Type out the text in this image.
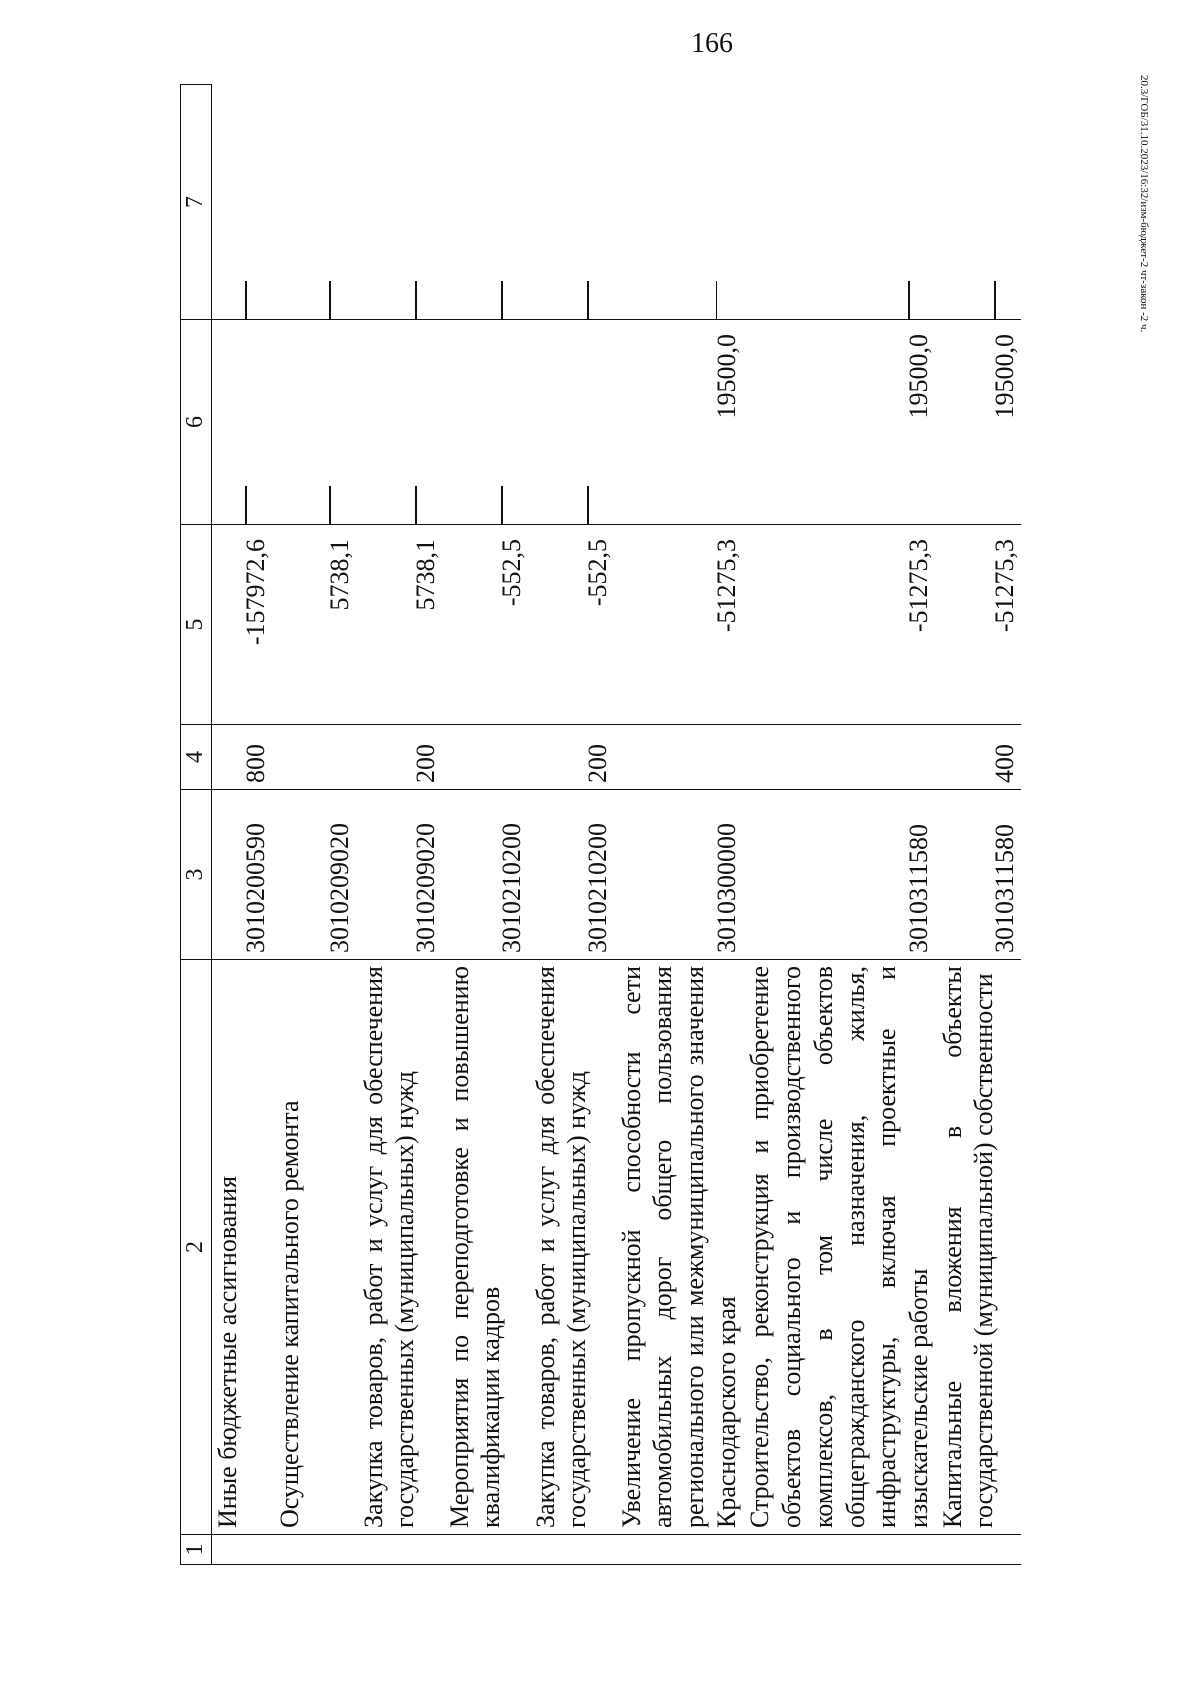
166
20.3/ГОБ/31.10.2023/16:32/изм-бюджет-2 чт-закон -2 ч.
1	2	3	4	5	6	7
	Иные бюджетные ассигнования	3010200590	800	-157972,6		
	Осуществление капитального ремонта	3010209020		5738,1		
	Закупка товаров, работ и услуг для обеспечения государственных (муниципальных) нужд	3010209020	200	5738,1		
	Мероприятия по переподготовке и повышению квалификации кадров	3010210200		-552,5		
	Закупка товаров, работ и услуг для обеспечения государственных (муниципальных) нужд	3010210200	200	-552,5		
	Увеличение пропускной способности сети автомобильных дорог общего пользования регионального или межмуниципального значения Краснодарского края	3010300000		-51275,3	19500,0	
	Строительство, реконструкция и приобретение объектов социального и производственного комплексов, в том числе объектов общегражданского назначения, жилья, инфраструктуры, включая проектные и изыскательские работы	3010311580		-51275,3	19500,0	
	Капитальные вложения в объекты государственной (муниципальной) собственности	3010311580	400	-51275,3	19500,0	
